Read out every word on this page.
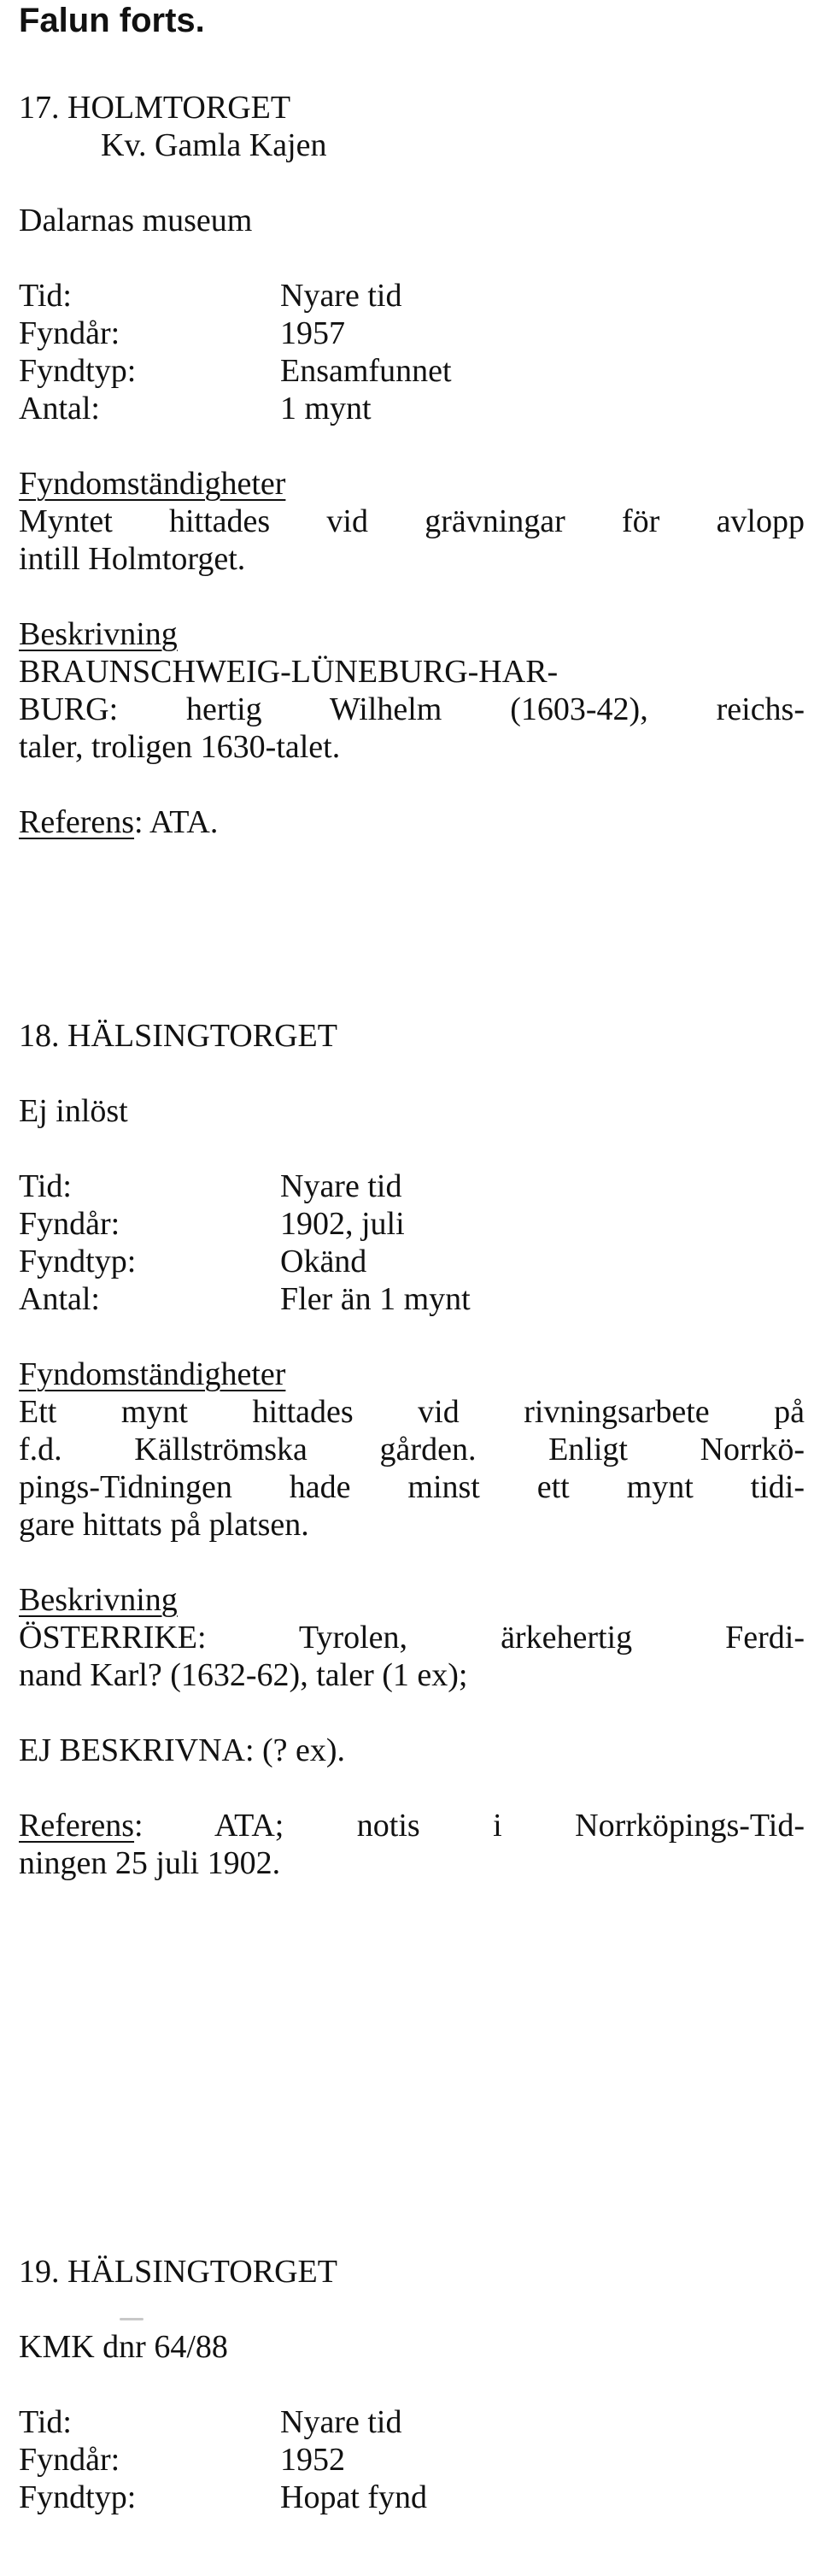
Falun forts.
17. HOLMTORGET
Kv. Gamla Kajen
Dalarnas museum
Tid:	Nyare tid
Fyndår:	1957
Fyndtyp:	Ensamfunnet
Antal:	1 mynt
Fyndomständigheter
Myntet hittades vid grävningar för avlopp
intill Holmtorget.
Beskrivning
BRAUNSCHWEIG-LÜNEBURG-HAR-
BURG: hertig Wilhelm (1603-42), reichs-
taler, troligen 1630-talet.
Referens: ATA.
18. HÄLSINGTORGET
Ej inlöst
Tid:	Nyare tid
Fyndår:	1902, juli
Fyndtyp:	Okänd
Antal:	Fler än 1 mynt
Fyndomständigheter
Ett mynt hittades vid rivningsarbete på
f.d. Källströmska gården. Enligt Norrkö-
pings-Tidningen hade minst ett mynt tidi-
gare hittats på platsen.
Beskrivning
ÖSTERRIKE: Tyrolen, ärkehertig Ferdi-
nand Karl? (1632-62), taler (1 ex);
EJ BESKRIVNA: (? ex).
Referens: ATA; notis i Norrköpings-Tid-
ningen 25 juli 1902.
19. HÄLSINGTORGET
KMK dnr 64/88
Tid:	Nyare tid
Fyndår:	1952
Fyndtyp:	Hopat fynd
